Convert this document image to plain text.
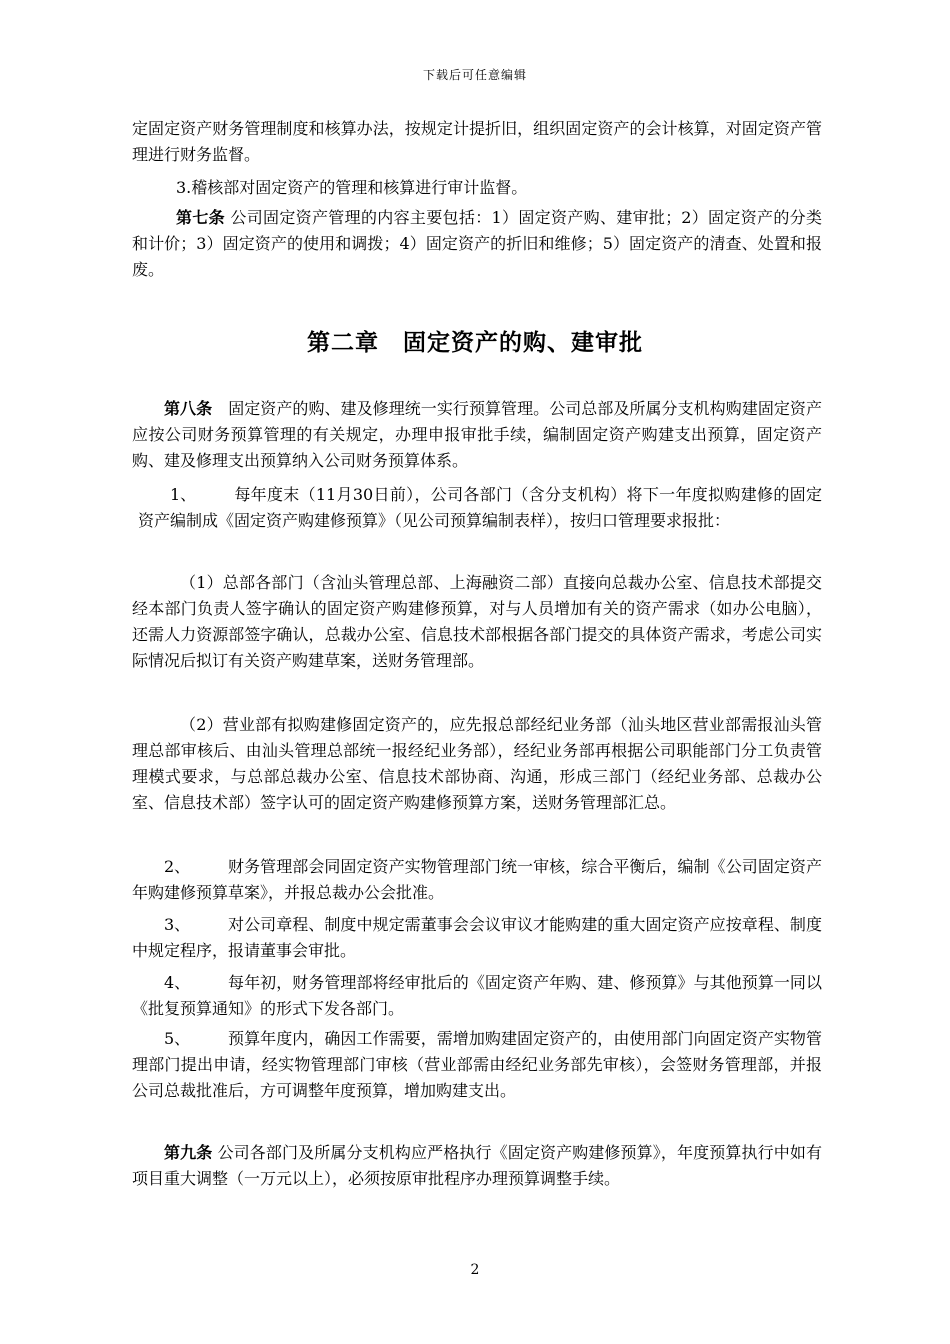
下载后可任意编辑

定固定资产财务管理制度和核算办法，按规定计提折旧，组织固定资产的会计核算，对固定资产管理进行财务监督。

3.稽核部对固定资产的管理和核算进行审计监督。

第七条 公司固定资产管理的内容主要包括：1）固定资产购、建审批；2）固定资产的分类和计价；3）固定资产的使用和调拨；4）固定资产的折旧和维修；5）固定资产的清查、处置和报废。

第二章　固定资产的购、建审批

第八条　固定资产的购、建及修理统一实行预算管理。公司总部及所属分支机构购建固定资产应按公司财务预算管理的有关规定，办理申报审批手续，编制固定资产购建支出预算，固定资产购、建及修理支出预算纳入公司财务预算体系。

1、 每年度末（11月30日前），公司各部门（含分支机构）将下一年度拟购建修的固定资产编制成《固定资产购建修预算》（见公司预算编制表样），按归口管理要求报批：

（1）总部各部门（含汕头管理总部、上海融资二部）直接向总裁办公室、信息技术部提交经本部门负责人签字确认的固定资产购建修预算，对与人员增加有关的资产需求（如办公电脑），还需人力资源部签字确认，总裁办公室、信息技术部根据各部门提交的具体资产需求，考虑公司实际情况后拟订有关资产购建草案，送财务管理部。

（2）营业部有拟购建修固定资产的，应先报总部经纪业务部（汕头地区营业部需报汕头管理总部审核后、由汕头管理总部统一报经纪业务部），经纪业务部再根据公司职能部门分工负责管理模式要求，与总部总裁办公室、信息技术部协商、沟通，形成三部门（经纪业务部、总裁办公室、信息技术部）签字认可的固定资产购建修预算方案，送财务管理部汇总。

2、 财务管理部会同固定资产实物管理部门统一审核，综合平衡后，编制《公司固定资产年购建修预算草案》，并报总裁办公会批准。

3、 对公司章程、制度中规定需董事会会议审议才能购建的重大固定资产应按章程、制度中规定程序，报请董事会审批。

4、 每年初，财务管理部将经审批后的《固定资产年购、建、修预算》与其他预算一同以《批复预算通知》的形式下发各部门。

5、 预算年度内，确因工作需要，需增加购建固定资产的，由使用部门向固定资产实物管理部门提出申请，经实物管理部门审核（营业部需由经纪业务部先审核），会签财务管理部，并报公司总裁批准后，方可调整年度预算，增加购建支出。

第九条 公司各部门及所属分支机构应严格执行《固定资产购建修预算》，年度预算执行中如有项目重大调整（一万元以上），必须按原审批程序办理预算调整手续。

2
